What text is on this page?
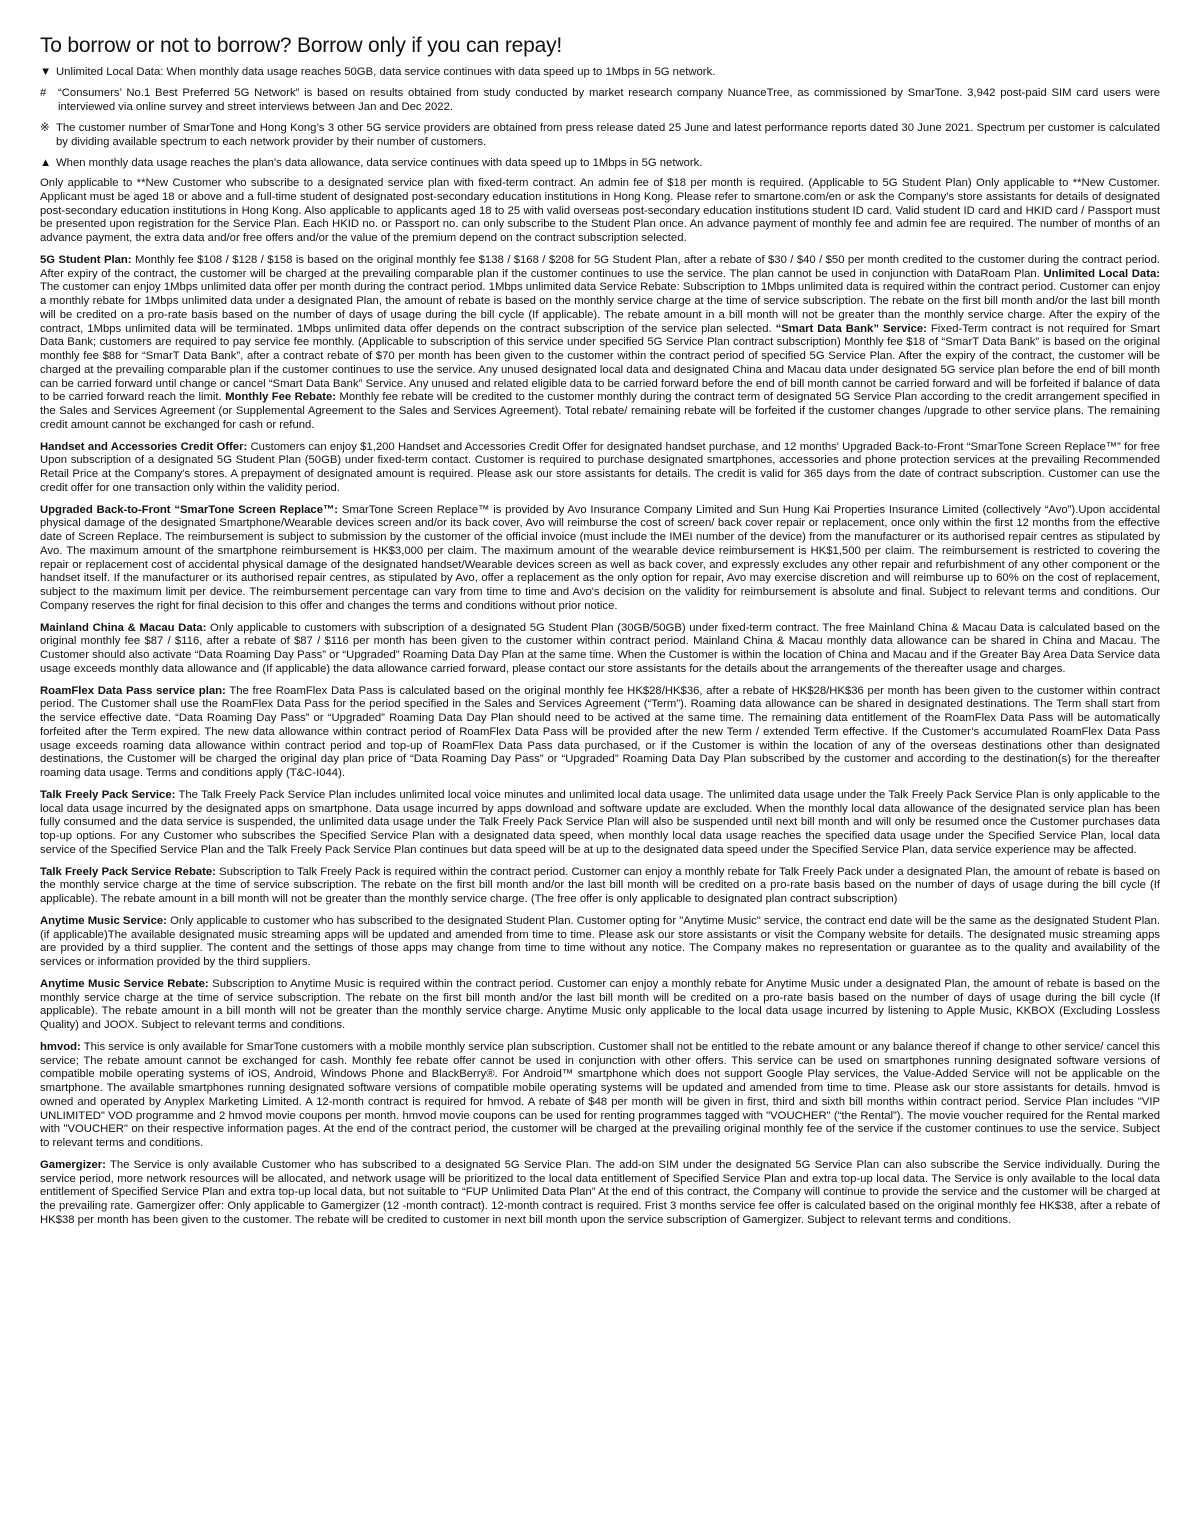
To borrow or not to borrow? Borrow only if you can repay!
▼ Unlimited Local Data: When monthly data usage reaches 50GB, data service continues with data speed up to 1Mbps in 5G network.
#	“Consumers’ No.1 Best Preferred 5G Network” is based on results obtained from study conducted by market research company NuanceTree, as commissioned by SmarTone. 3,942 post-paid SIM card users were interviewed via online survey and street interviews between Jan and Dec 2022.
※ The customer number of SmarTone and Hong Kong’s 3 other 5G service providers are obtained from press release dated 25 June and latest performance reports dated 30 June 2021. Spectrum per customer is calculated by dividing available spectrum to each network provider by their number of customers.
▲ When monthly data usage reaches the plan's data allowance, data service continues with data speed up to 1Mbps in 5G network.

Only applicable to **New Customer who subscribe to a designated service plan with fixed-term contract. An admin fee of $18 per month is required. (Applicable to 5G Student Plan) Only applicable to **New Customer. Applicant must be aged 18 or above and a full-time student of designated post-secondary education institutions in Hong Kong. Please refer to smartone.com/en or ask the Company’s store assistants for details of designated post-secondary education institutions in Hong Kong. Also applicable to applicants aged 18 to 25 with valid overseas post-secondary education institutions student ID card. Valid student ID card and HKID card / Passport must be presented upon registration for the Service Plan. Each HKID no. or Passport no. can only subscribe to the Student Plan once. An advance payment of monthly fee and admin fee are required. The number of months of an advance payment, the extra data and/or free offers and/or the value of the premium depend on the contract subscription selected.

5G Student Plan: Monthly fee $108 / $128 / $158 is based on the original monthly fee $138 / $168 / $208 for 5G Student Plan, after a rebate of $30 / $40 / $50 per month credited to the customer during the contract period. After expiry of the contract, the customer will be charged at the prevailing comparable plan if the customer continues to use the service. The plan cannot be used in conjunction with DataRoam Plan. Unlimited Local Data: The customer can enjoy 1Mbps unlimited data offer per month during the contract period. 1Mbps unlimited data Service Rebate: Subscription to 1Mbps unlimited data is required within the contract period. Customer can enjoy a monthly rebate for 1Mbps unlimited data under a designated Plan, the amount of rebate is based on the monthly service charge at the time of service subscription. The rebate on the first bill month and/or the last bill month will be credited on a pro-rate basis based on the number of days of usage during the bill cycle (If applicable). The rebate amount in a bill month will not be greater than the monthly service charge. After the expiry of the contract, 1Mbps unlimited data will be terminated. 1Mbps unlimited data offer depends on the contract subscription of the service plan selected. “Smart Data Bank” Service: Fixed-Term contract is not required for Smart Data Bank; customers are required to pay service fee monthly. (Applicable to subscription of this service under specified 5G Service Plan contract subscription) Monthly fee $18 of “SmarT Data Bank” is based on the original monthly fee $88 for “SmarT Data Bank”, after a contract rebate of $70 per month has been given to the customer within the contract period of specified 5G Service Plan. After the expiry of the contract, the customer will be charged at the prevailing comparable plan if the customer continues to use the service. Any unused designated local data and designated China and Macau data under designated 5G service plan before the end of bill month can be carried forward until change or cancel “Smart Data Bank” Service. Any unused and related eligible data to be carried forward before the end of bill month cannot be carried forward and will be forfeited if balance of data to be carried forward reach the limit. Monthly Fee Rebate: Monthly fee rebate will be credited to the customer monthly during the contract term of designated 5G Service Plan according to the credit arrangement specified in the Sales and Services Agreement (or Supplemental Agreement to the Sales and Services Agreement). Total rebate/ remaining rebate will be forfeited if the customer changes /upgrade to other service plans. The remaining credit amount cannot be exchanged for cash or refund.

Handset and Accessories Credit Offer: Customers can enjoy $1,200 Handset and Accessories Credit Offer for designated handset purchase, and 12 months' Upgraded Back-to-Front “SmarTone Screen Replace™” for free Upon subscription of a designated 5G Student Plan (50GB) under fixed-term contact. Customer is required to purchase designated smartphones, accessories and phone protection services at the prevailing Recommended Retail Price at the Company's stores. A prepayment of designated amount is required. Please ask our store assistants for details. The credit is valid for 365 days from the date of contract subscription. Customer can use the credit offer for one transaction only within the validity period.

Upgraded Back-to-Front “SmarTone Screen Replace™: SmarTone Screen Replace™ is provided by Avo Insurance Company Limited and Sun Hung Kai Properties Insurance Limited (collectively “Avo”).Upon accidental physical damage of the designated Smartphone/Wearable devices screen and/or its back cover, Avo will reimburse the cost of screen/ back cover repair or replacement, once only within the first 12 months from the effective date of Screen Replace. The reimbursement is subject to submission by the customer of the official invoice (must include the IMEI number of the device) from the manufacturer or its authorised repair centres as stipulated by Avo. The maximum amount of the smartphone reimbursement is HK$3,000 per claim. The maximum amount of the wearable device reimbursement is HK$1,500 per claim. The reimbursement is restricted to covering the repair or replacement cost of accidental physical damage of the designated handset/Wearable devices screen as well as back cover, and expressly excludes any other repair and refurbishment of any other component or the handset itself. If the manufacturer or its authorised repair centres, as stipulated by Avo, offer a replacement as the only option for repair, Avo may exercise discretion and will reimburse up to 60% on the cost of replacement, subject to the maximum limit per device. The reimbursement percentage can vary from time to time and Avo's decision on the validity for reimbursement is absolute and final. Subject to relevant terms and conditions. Our Company reserves the right for final decision to this offer and changes the terms and conditions without prior notice.

Mainland China & Macau Data: Only applicable to customers with subscription of a designated 5G Student Plan (30GB/50GB) under fixed-term contract. The free Mainland China & Macau Data is calculated based on the original monthly fee $87 / $116, after a rebate of $87 / $116 per month has been given to the customer within contract period. Mainland China & Macau monthly data allowance can be shared in China and Macau. The Customer should also activate “Data Roaming Day Pass” or “Upgraded” Roaming Data Day Plan at the same time. When the Customer is within the location of China and Macau and if the Greater Bay Area Data Service data usage exceeds monthly data allowance and (If applicable) the data allowance carried forward, please contact our store assistants for the details about the arrangements of the thereafter usage and charges.

RoamFlex Data Pass service plan: The free RoamFlex Data Pass is calculated based on the original monthly fee HK$28/HK$36, after a rebate of HK$28/HK$36 per month has been given to the customer within contract period. The Customer shall use the RoamFlex Data Pass for the period specified in the Sales and Services Agreement (“Term”). Roaming data allowance can be shared in designated destinations. The Term shall start from the service effective date. “Data Roaming Day Pass” or “Upgraded” Roaming Data Day Plan should need to be actived at the same time. The remaining data entitlement of the RoamFlex Data Pass will be automatically forfeited after the Term expired. The new data allowance within contract period of RoamFlex Data Pass will be provided after the new Term / extended Term effective. If the Customer’s accumulated RoamFlex Data Pass usage exceeds roaming data allowance within contract period and top-up of RoamFlex Data Pass data purchased, or if the Customer is within the location of any of the overseas destinations other than designated destinations, the Customer will be charged the original day plan price of “Data Roaming Day Pass” or “Upgraded” Roaming Data Day Plan subscribed by the customer and according to the destination(s) for the thereafter roaming data usage. Terms and conditions apply (T&C-I044).

Talk Freely Pack Service: The Talk Freely Pack Service Plan includes unlimited local voice minutes and unlimited local data usage. The unlimited data usage under the Talk Freely Pack Service Plan is only applicable to the local data usage incurred by the designated apps on smartphone. Data usage incurred by apps download and software update are excluded. When the monthly local data allowance of the designated service plan has been fully consumed and the data service is suspended, the unlimited data usage under the Talk Freely Pack Service Plan will also be suspended until next bill month and will only be resumed once the Customer purchases data top-up options. For any Customer who subscribes the Specified Service Plan with a designated data speed, when monthly local data usage reaches the specified data usage under the Specified Service Plan, local data service of the Specified Service Plan and the Talk Freely Pack Service Plan continues but data speed will be at up to the designated data speed under the Specified Service Plan, data service experience may be affected.

Talk Freely Pack Service Rebate: Subscription to Talk Freely Pack is required within the contract period. Customer can enjoy a monthly rebate for Talk Freely Pack under a designated Plan, the amount of rebate is based on the monthly service charge at the time of service subscription. The rebate on the first bill month and/or the last bill month will be credited on a pro-rate basis based on the number of days of usage during the bill cycle (If applicable). The rebate amount in a bill month will not be greater than the monthly service charge. (The free offer is only applicable to designated plan contract subscription)

Anytime Music Service: Only applicable to customer who has subscribed to the designated Student Plan. Customer opting for "Anytime Music" service, the contract end date will be the same as the designated Student Plan. (if applicable)The available designated music streaming apps will be updated and amended from time to time. Please ask our store assistants or visit the Company website for details. The designated music streaming apps are provided by a third supplier. The content and the settings of those apps may change from time to time without any notice. The Company makes no representation or guarantee as to the quality and availability of the services or information provided by the third suppliers.

Anytime Music Service Rebate: Subscription to Anytime Music is required within the contract period. Customer can enjoy a monthly rebate for Anytime Music under a designated Plan, the amount of rebate is based on the monthly service charge at the time of service subscription. The rebate on the first bill month and/or the last bill month will be credited on a pro-rate basis based on the number of days of usage during the bill cycle (If applicable). The rebate amount in a bill month will not be greater than the monthly service charge. Anytime Music only applicable to the local data usage incurred by listening to Apple Music, KKBOX (Excluding Lossless Quality) and JOOX. Subject to relevant terms and conditions.

hmvod: This service is only available for SmarTone customers with a mobile monthly service plan subscription. Customer shall not be entitled to the rebate amount or any balance thereof if change to other service/ cancel this service; The rebate amount cannot be exchanged for cash. Monthly fee rebate offer cannot be used in conjunction with other offers. This service can be used on smartphones running designated software versions of compatible mobile operating systems of iOS, Android, Windows Phone and BlackBerry®. For Android™ smartphone which does not support Google Play services, the Value-Added Service will not be applicable on the smartphone. The available smartphones running designated software versions of compatible mobile operating systems will be updated and amended from time to time. Please ask our store assistants for details. hmvod is owned and operated by Anyplex Marketing Limited. A 12-month contract is required for hmvod. A rebate of $48 per month will be given in first, third and sixth bill months within contract period. Service Plan includes "VIP UNLIMITED" VOD programme and 2 hmvod movie coupons per month. hmvod movie coupons can be used for renting programmes tagged with "VOUCHER" (“the Rental”). The movie voucher required for the Rental marked with "VOUCHER" on their respective information pages. At the end of the contract period, the customer will be charged at the prevailing original monthly fee of the service if the customer continues to use the service. Subject to relevant terms and conditions.

Gamergizer: The Service is only available Customer who has subscribed to a designated 5G Service Plan. The add-on SIM under the designated 5G Service Plan can also subscribe the Service individually. During the service period, more network resources will be allocated, and network usage will be prioritized to the local data entitlement of Specified Service Plan and extra top-up local data. The Service is only available to the local data entitlement of Specified Service Plan and extra top-up local data, but not suitable to “FUP Unlimited Data Plan” At the end of this contract, the Company will continue to provide the service and the customer will be charged at the prevailing rate. Gamergizer offer: Only applicable to Gamergizer (12 -month contract). 12-month contract is required. Frist 3 months service fee offer is calculated based on the original monthly fee HK$38, after a rebate of HK$38 per month has been given to the customer. The rebate will be credited to customer in next bill month upon the service subscription of Gamergizer. Subject to relevant terms and conditions.
